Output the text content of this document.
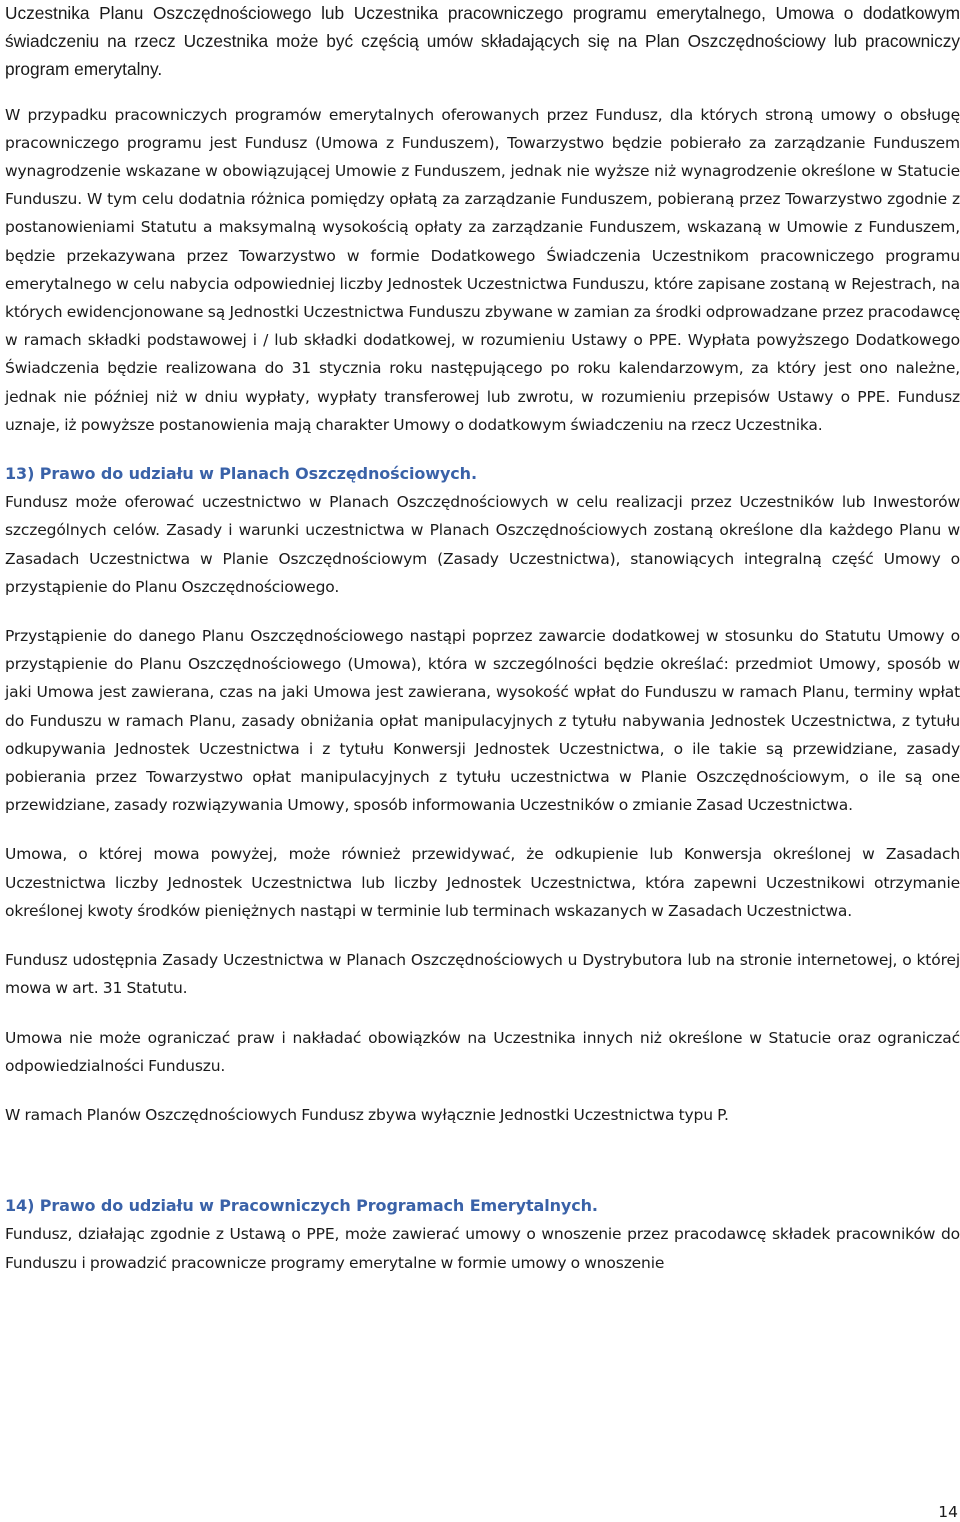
Uczestnika Planu Oszczędnościowego lub Uczestnika pracowniczego programu emerytalnego, Umowa o dodatkowym świadczeniu na rzecz Uczestnika może być częścią umów składających się na Plan Oszczędnościowy lub pracowniczy program emerytalny.

W przypadku pracowniczych programów emerytalnych oferowanych przez Fundusz, dla których stroną umowy o obsługę pracowniczego programu jest Fundusz (Umowa z Funduszem), Towarzystwo będzie pobierało za zarządzanie Funduszem wynagrodzenie wskazane w obowiązującej Umowie z Funduszem, jednak nie wyższe niż wynagrodzenie określone w Statucie Funduszu. W tym celu dodatnia różnica pomiędzy opłatą za zarządzanie Funduszem, pobieraną przez Towarzystwo zgodnie z postanowieniami Statutu a maksymalną wysokością opłaty za zarządzanie Funduszem, wskazaną w Umowie z Funduszem, będzie przekazywana przez Towarzystwo w formie Dodatkowego Świadczenia Uczestnikom pracowniczego programu emerytalnego w celu nabycia odpowiedniej liczby Jednostek Uczestnictwa Funduszu, które zapisane zostaną w Rejestrach, na których ewidencjonowane są Jednostki Uczestnictwa Funduszu zbywane w zamian za środki odprowadzane przez pracodawcę w ramach składki podstawowej i / lub składki dodatkowej, w rozumieniu Ustawy o PPE. Wypłata powyższego Dodatkowego Świadczenia będzie realizowana do 31 stycznia roku następującego po roku kalendarzowym, za który jest ono należne, jednak nie później niż w dniu wypłaty, wypłaty transferowej lub zwrotu, w rozumieniu przepisów Ustawy o PPE. Fundusz uznaje, iż powyższe postanowienia mają charakter Umowy o dodatkowym świadczeniu na rzecz Uczestnika.

13) Prawo do udziału w Planach Oszczędnościowych.

Fundusz może oferować uczestnictwo w Planach Oszczędnościowych w celu realizacji przez Uczestników lub Inwestorów szczególnych celów. Zasady i warunki uczestnictwa w Planach Oszczędnościowych zostaną określone dla każdego Planu w Zasadach Uczestnictwa w Planie Oszczędnościowym (Zasady Uczestnictwa), stanowiących integralną część Umowy o przystąpienie do Planu Oszczędnościowego.

Przystąpienie do danego Planu Oszczędnościowego nastąpi poprzez zawarcie dodatkowej w stosunku do Statutu Umowy o przystąpienie do Planu Oszczędnościowego (Umowa), która w szczególności będzie określać: przedmiot Umowy, sposób w jaki Umowa jest zawierana, czas na jaki Umowa jest zawierana, wysokość wpłat do Funduszu w ramach Planu, terminy wpłat do Funduszu w ramach Planu, zasady obniżania opłat manipulacyjnych z tytułu nabywania Jednostek Uczestnictwa, z tytułu odkupywania Jednostek Uczestnictwa i z tytułu Konwersji Jednostek Uczestnictwa, o ile takie są przewidziane, zasady pobierania przez Towarzystwo opłat manipulacyjnych z tytułu uczestnictwa w Planie Oszczędnościowym, o ile są one przewidziane, zasady rozwiązywania Umowy, sposób informowania Uczestników o zmianie Zasad Uczestnictwa.

Umowa, o której mowa powyżej, może również przewidywać, że odkupienie lub Konwersja określonej w Zasadach Uczestnictwa liczby Jednostek Uczestnictwa lub liczby Jednostek Uczestnictwa, która zapewni Uczestnikowi otrzymanie określonej kwoty środków pieniężnych nastąpi w terminie lub terminach wskazanych w Zasadach Uczestnictwa.

Fundusz udostępnia Zasady Uczestnictwa w Planach Oszczędnościowych u Dystrybutora lub na stronie internetowej, o której mowa w art. 31 Statutu.

Umowa nie może ograniczać praw i nakładać obowiązków na Uczestnika innych niż określone w Statucie oraz ograniczać odpowiedzialności Funduszu.

W ramach Planów Oszczędnościowych Fundusz zbywa wyłącznie Jednostki Uczestnictwa typu P.

14) Prawo do udziału w Pracowniczych Programach Emerytalnych.

Fundusz, działając zgodnie z Ustawą o PPE, może zawierać umowy o wnoszenie przez pracodawcę składek pracowników do Funduszu i prowadzić pracownicze programy emerytalne w formie umowy o wnoszenie

14
